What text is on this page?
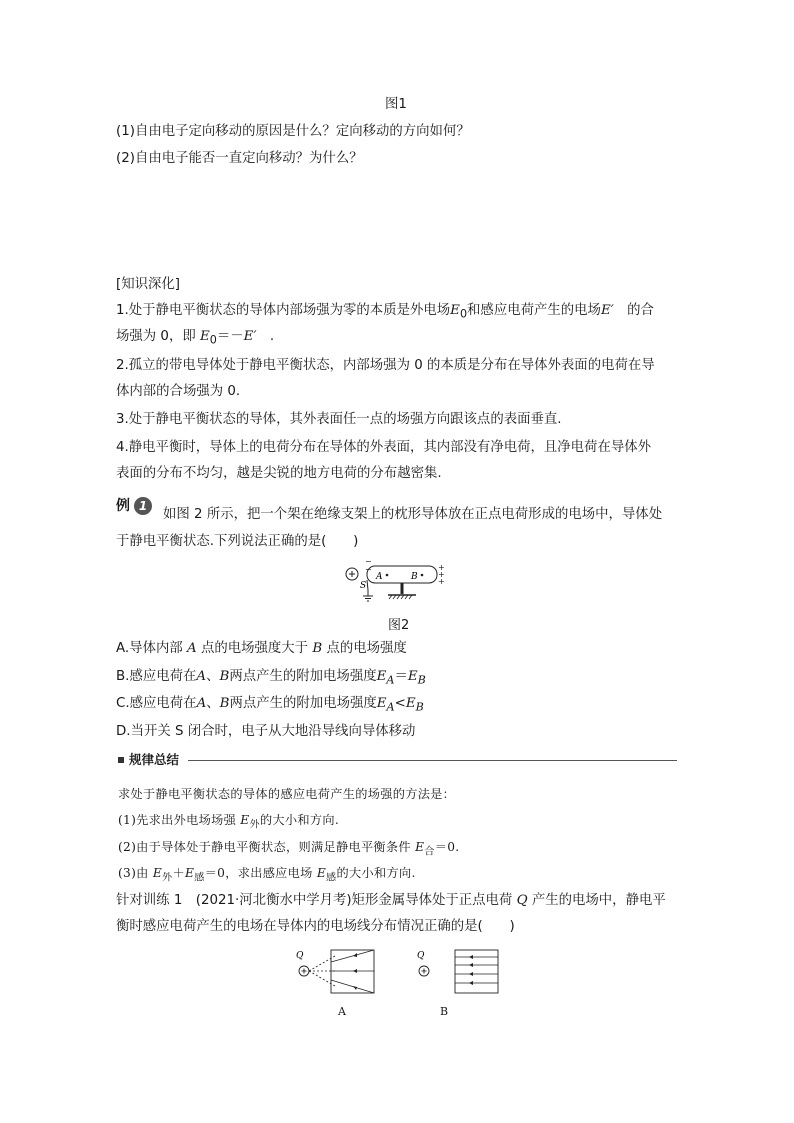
图1
(1)自由电子定向移动的原因是什么？定向移动的方向如何？
(2)自由电子能否一直定向移动？为什么？
[知识深化]
1.处于静电平衡状态的导体内部场强为零的本质是外电场$E_0$和感应电荷产生的电场E′　 的合
场强为 0，即 $E_0=-E'$　 .
2.孤立的带电导体处于静电平衡状态，内部场强为 0 的本质是分布在导体外表面的电荷在导
体内部的合场强为 0.
3.处于静电平衡状态的导体，其外表面任一点的场强方向跟该点的表面垂直.
4.静电平衡时，导体上的电荷分布在导体的外表面，其内部没有净电荷，且净电荷在导体外
表面的分布不均匀，越是尖锐的地方电荷的分布越密集.
例 1
如图 2 所示，把一个架在绝缘支架上的枕形导体放在正点电荷形成的电场中，导体处
于静电平衡状态.下列说法正确的是(　　)
A	B
−
−	+
+
+
S
图2
A.导体内部 A 点的电场强度大于 B 点的电场强度
B.感应电荷在A、B两点产生的附加电场强度$E_A=E_B$
C.感应电荷在A、B两点产生的附加电场强度$E_A<E_B$
D.当开关 S 闭合时，电子从大地沿导线向导体移动
规律总结
求处于静电平衡状态的导体的感应电荷产生的场强的方法是：
(1)先求出外电场场强 $E_外$的大小和方向.
(2)由于导体处于静电平衡状态，则满足静电平衡条件 $E_合=0$.
(3)由 $E_外+E_感=0$，求出感应电场 $E_感$的大小和方向.
针对训练 1　(2021·河北衡水中学月考)矩形金属导体处于正点电荷 Q 产生的电场中，静电平
衡时感应电荷产生的电场在导体内的电场线分布情况正确的是(　　)
Q
A
Q
B
